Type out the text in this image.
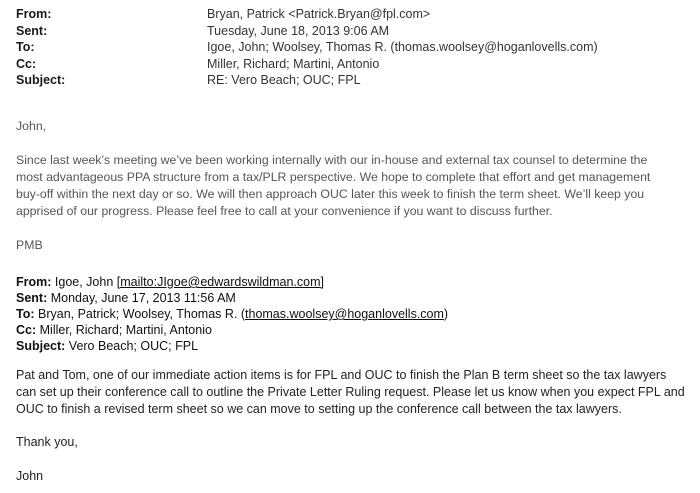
From:	Bryan, Patrick <Patrick.Bryan@fpl.com>
Sent:	Tuesday, June 18, 2013 9:06 AM
To:	Igoe, John; Woolsey, Thomas R. (thomas.woolsey@hoganlovells.com)
Cc:	Miller, Richard; Martini, Antonio
Subject:	RE: Vero Beach; OUC; FPL
John,
Since last week’s meeting we’ve been working internally with our in-house and external tax counsel to determine the
most advantageous PPA structure from a tax/PLR perspective. We hope to complete that effort and get management
buy-off within the next day or so. We will then approach OUC later this week to finish the term sheet. We’ll keep you
apprised of our progress. Please feel free to call at your convenience if you want to discuss further.
PMB
From: Igoe, John [mailto:JIgoe@edwardswildman.com]
Sent: Monday, June 17, 2013 11:56 AM
To: Bryan, Patrick; Woolsey, Thomas R. (thomas.woolsey@hoganlovells.com)
Cc: Miller, Richard; Martini, Antonio
Subject: Vero Beach; OUC; FPL
Pat and Tom, one of our immediate action items is for FPL and OUC to finish the Plan B term sheet so the tax lawyers
can set up their conference call to outline the Private Letter Ruling request. Please let us know when you expect FPL and
OUC to finish a revised term sheet so we can move to setting up the conference call between the tax lawyers.
Thank you,
John
